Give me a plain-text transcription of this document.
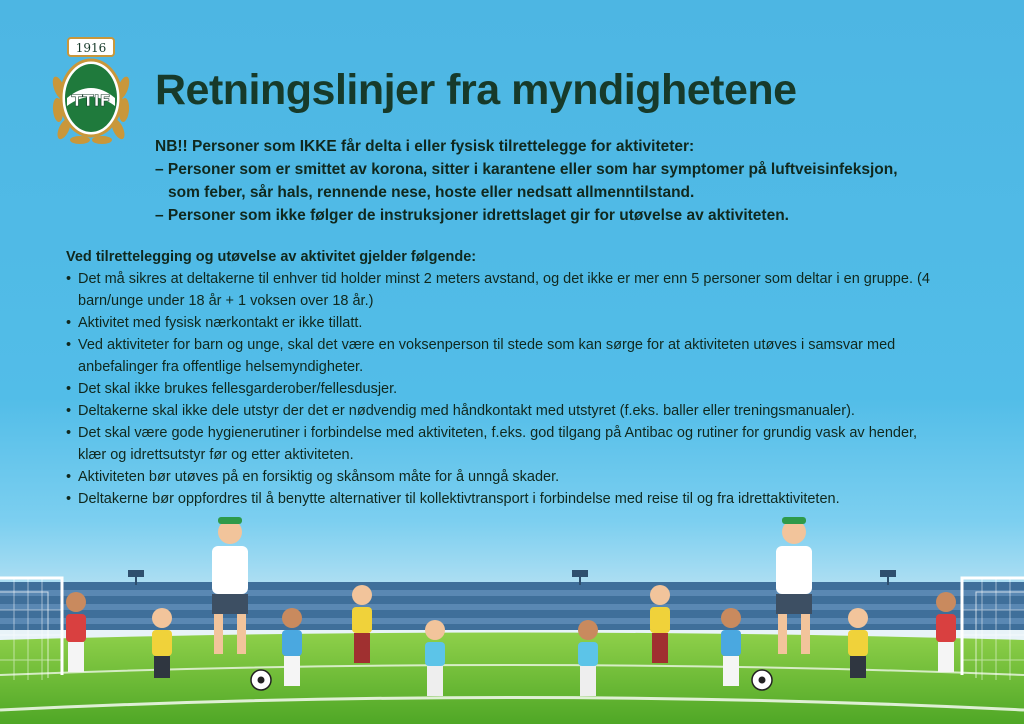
1916
TTIF Retningslinjer fra myndighetene
NB!! Personer som IKKE får delta i eller fysisk tilrettelegge for aktiviteter:
– Personer som er smittet av korona, sitter i karantene eller som har symptomer på luftveisinfeksjon,
som feber, sår hals, rennende nese, hoste eller nedsatt allmenntilstand.
– Personer som ikke følger de instruksjoner idrettslaget gir for utøvelse av aktiviteten.
Ved tilrettelegging og utøvelse av aktivitet gjelder følgende:
• Det må sikres at deltakerne til enhver tid holder minst 2 meters avstand, og det ikke er mer enn 5 personer som deltar i en gruppe. (4 barn/unge under 18 år + 1 voksen over 18 år.)
• Aktivitet med fysisk nærkontakt er ikke tillatt.
• Ved aktiviteter for barn og unge, skal det være en voksenperson til stede som kan sørge for at aktiviteten utøves i samsvar med anbefalinger fra offentlige helsemyndigheter.
• Det skal ikke brukes fellesgarderober/fellesdusjer.
• Deltakerne skal ikke dele utstyr der det er nødvendig med håndkontakt med utstyret (f.eks. baller eller treningsmanualer).
• Det skal være gode hygienerutiner i forbindelse med aktiviteten, f.eks. god tilgang på Antibac og rutiner for grundig vask av hender, klær og idrettsutstyr før og etter aktiviteten.
• Aktiviteten bør utøves på en forsiktig og skånsom måte for å unngå skader.
• Deltakerne bør oppfordres til å benytte alternativer til kollektivtransport i forbindelse med reise til og fra idrettaktiviteten.
